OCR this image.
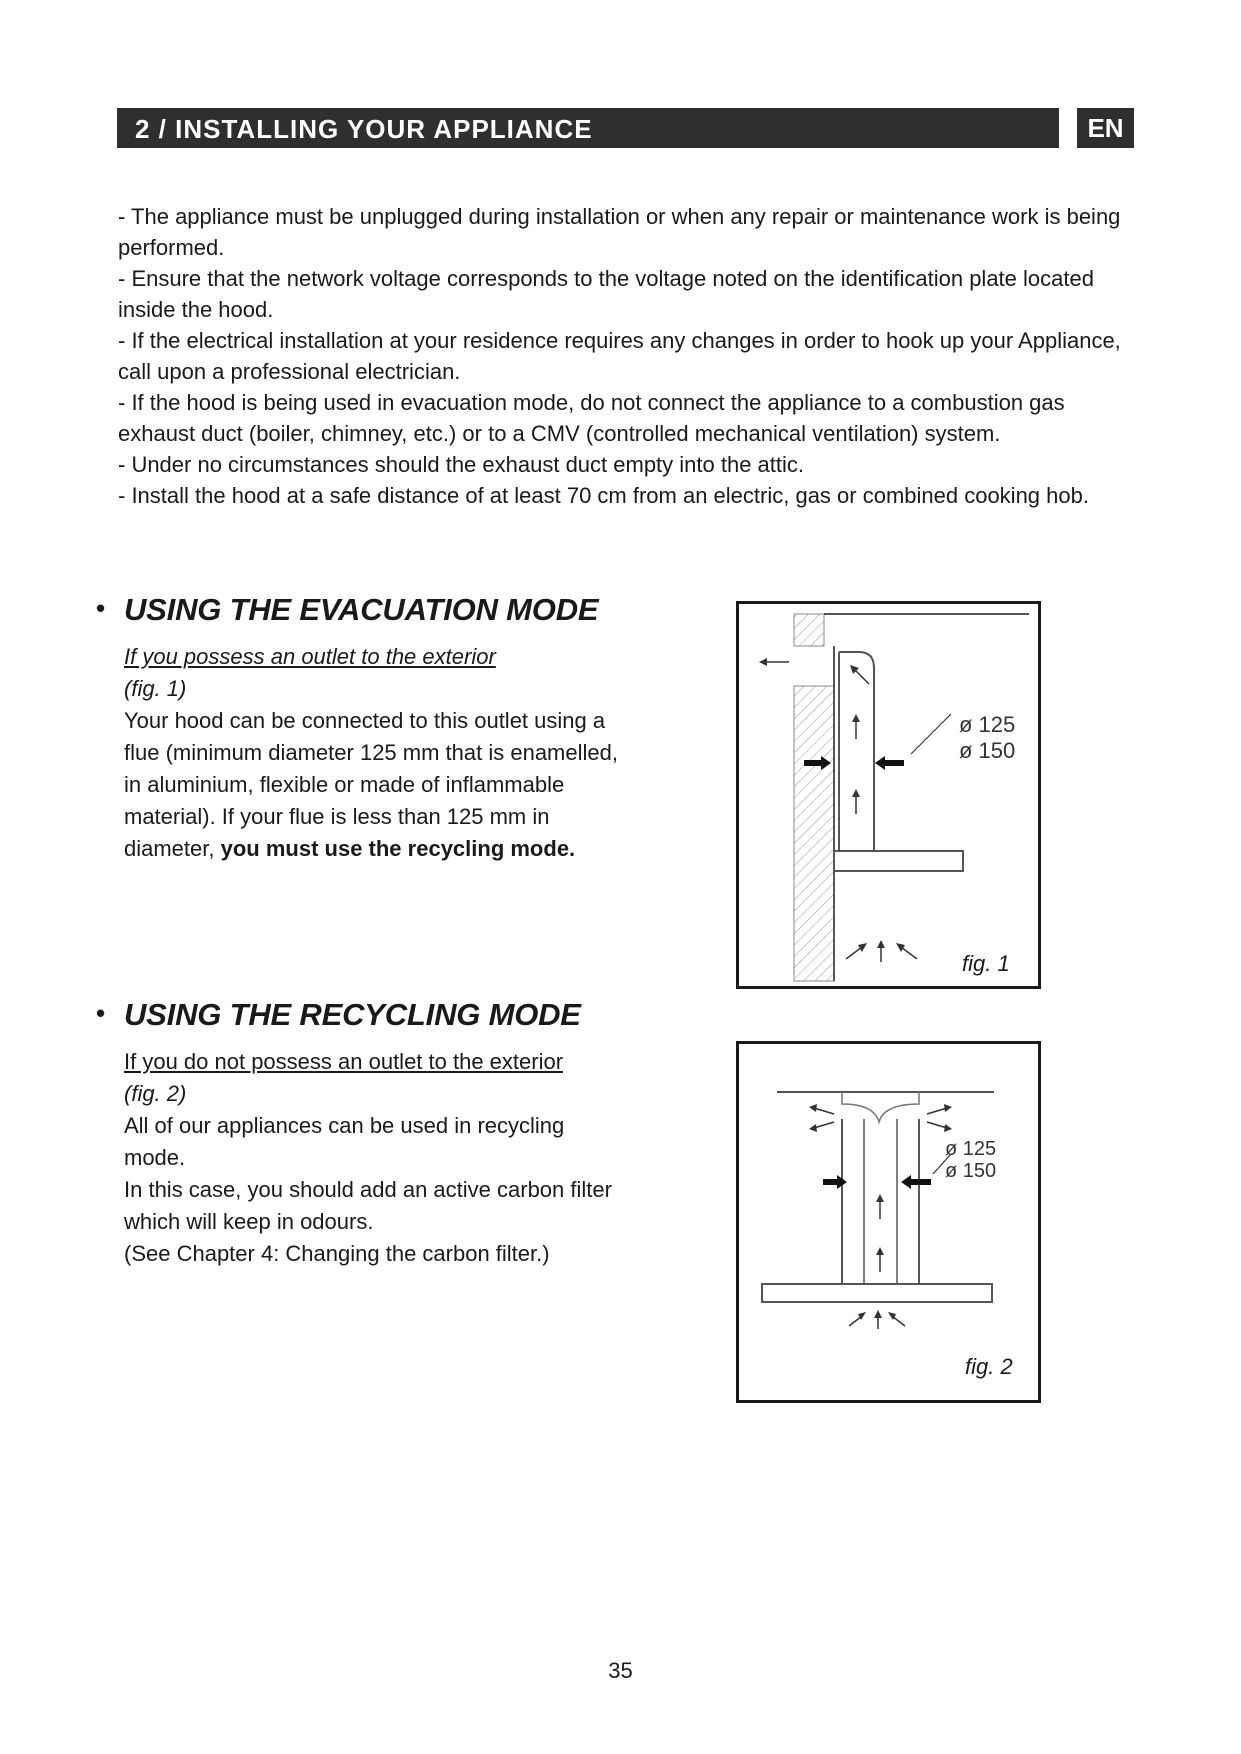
2 / INSTALLING YOUR APPLIANCE	EN

- The appliance must be unplugged during installation or when any repair or maintenance work is being performed.

- Ensure that the network voltage corresponds to the voltage noted on the identification plate located inside the hood.

- If the electrical installation at your residence requires any changes in order to hook up your Appliance, call upon a professional electrician.

- If the hood is being used in evacuation mode, do not connect the appliance to a combustion gas exhaust duct (boiler, chimney, etc.) or to a CMV (controlled mechanical ventilation) system.

- Under no circumstances should the exhaust duct empty into the attic.

- Install the hood at a safe distance of at least 70 cm from an electric, gas or combined cooking hob.

• USING THE EVACUATION MODE

If you possess an outlet to the exterior

(fig. 1)

Your hood can be connected to this outlet using a flue (minimum diameter 125 mm that is enamelled, in aluminium, flexible or made of inflammable material). If your flue is less than 125 mm in diameter, you must use the recycling mode.

ø 125
ø 150
fig. 1
• USING THE RECYCLING MODE

If you do not possess an outlet to the exterior

(fig. 2)

All of our appliances can be used in recycling mode.

In this case, you should add an active carbon filter which will keep in odours.

(See Chapter 4: Changing the carbon filter.)

ø 125
ø 150
fig. 2
35
